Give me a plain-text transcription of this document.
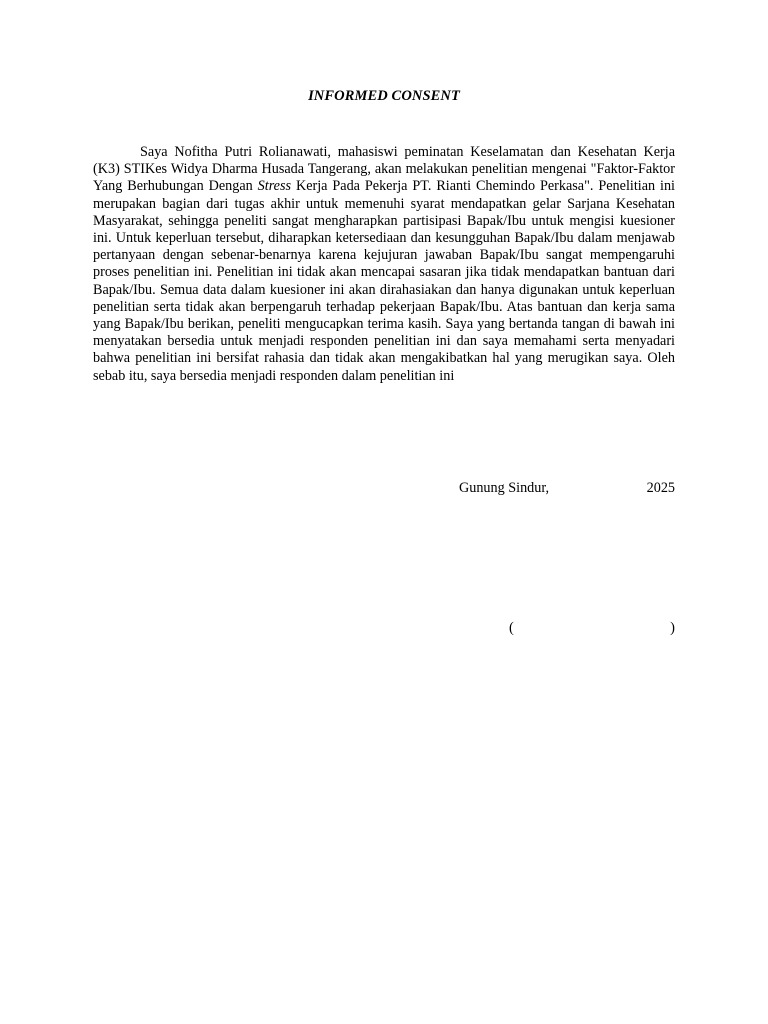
INFORMED CONSENT

Saya Nofitha Putri Rolianawati, mahasiswi peminatan Keselamatan dan Kesehatan Kerja (K3) STIKes Widya Dharma Husada Tangerang, akan melakukan penelitian mengenai "Faktor-Faktor Yang Berhubungan Dengan Stress Kerja Pada Pekerja PT. Rianti Chemindo Perkasa". Penelitian ini merupakan bagian dari tugas akhir untuk memenuhi syarat mendapatkan gelar Sarjana Kesehatan Masyarakat, sehingga peneliti sangat mengharapkan partisipasi Bapak/Ibu untuk mengisi kuesioner ini. Untuk keperluan tersebut, diharapkan ketersediaan dan kesungguhan Bapak/Ibu dalam menjawab pertanyaan dengan sebenar-benarnya karena kejujuran jawaban Bapak/Ibu sangat mempengaruhi proses penelitian ini. Penelitian ini tidak akan mencapai sasaran jika tidak mendapatkan bantuan dari Bapak/Ibu. Semua data dalam kuesioner ini akan dirahasiakan dan hanya digunakan untuk keperluan penelitian serta tidak akan berpengaruh terhadap pekerjaan Bapak/Ibu. Atas bantuan dan kerja sama yang Bapak/Ibu berikan, peneliti mengucapkan terima kasih. Saya yang bertanda tangan di bawah ini menyatakan bersedia untuk menjadi responden penelitian ini dan saya memahami serta menyadari bahwa penelitian ini bersifat rahasia dan tidak akan mengakibatkan hal yang merugikan saya. Oleh sebab itu, saya bersedia menjadi responden dalam penelitian ini

Gunung Sindur,	2025
(	)
